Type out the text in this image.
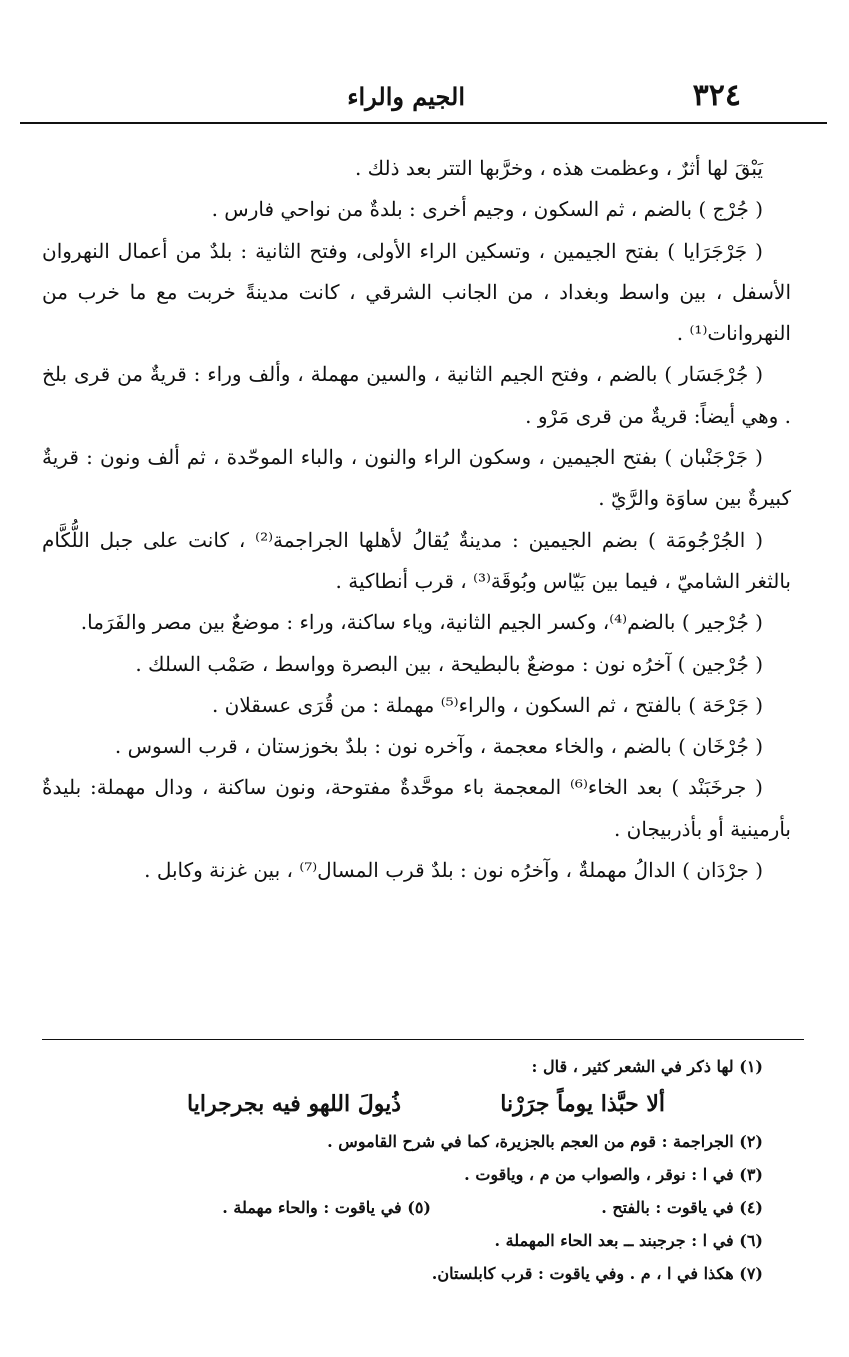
٣٢٤
الجيم والراء

يَبْقَ لها أثرٌ ، وعظمت هذه ، وخرَّبها التتر بعد ذلك .

( جُرْج ) بالضم ، ثم السكون ، وجيم أخرى : بلدةٌ من نواحي فارس .

( جَرْجَرَايا ) بفتح الجيمين ، وتسكين الراء الأولى، وفتح الثانية : بلدٌ من أعمال النهروان الأسفل ، بين واسط وبغداد ، من الجانب الشرقي ، كانت مدينةً خربت مع ما خرب من النهروانات⁽¹⁾ .

( جُرْجَسَار ) بالضم ، وفتح الجيم الثانية ، والسين مهملة ، وألف وراء : قريةٌ من قرى بلخ . وهي أيضاً: قريةٌ من قرى مَرْو .

( جَرْجَنْبان ) بفتح الجيمين ، وسكون الراء والنون ، والباء الموحّدة ، ثم ألف ونون : قريةٌ كبيرةٌ بين ساوَة والرَّيّ .

( الجُرْجُومَة ) بضم الجيمين : مدينةٌ يُقالُ لأهلها الجراجمة⁽²⁾ ، كانت على جبل اللُّكَّام بالثغر الشاميّ ، فيما بين بَيّاس وبُوقَة⁽³⁾ ، قرب أنطاكية .

( جُرْجير ) بالضم⁽⁴⁾، وكسر الجيم الثانية، وياء ساكنة، وراء : موضعٌ بين مصر والفَرَما.

( جُرْجين ) آخرُه نون : موضعٌ بالبطيحة ، بين البصرة وواسط ، صَمْب السلك .

( جَرْحَة ) بالفتح ، ثم السكون ، والراء⁽⁵⁾ مهملة : من قُرَى عسقلان .

( جُرْخَان ) بالضم ، والخاء معجمة ، وآخره نون : بلدٌ بخوزستان ، قرب السوس .

( جرخَبَنْد ) بعد الخاء⁽⁶⁾ المعجمة باء موحَّدةٌ مفتوحة، ونون ساكنة ، ودال مهملة: بليدةٌ بأرمينية أو بأذربيجان .

( جرْدَان ) الدالُ مهملةٌ ، وآخرُه نون : بلدٌ قرب المسال⁽⁷⁾ ، بين غزنة وكابل .

(١) لها ذكر في الشعر كثير ، قال :

ألا حبَّذا يوماً جرَرْنا
ذُيولَ اللهو فيه بجرجرايا
(٢) الجراجمة : قوم من العجم بالجزيرة، كما في شرح القاموس .
(٣) في ا : نوقر ، والصواب من م ، وياقوت .
(٤) في ياقوت : بالفتح .
(٥) في ياقوت : والحاء مهملة .
(٦) في ا : جرجبند ــ بعد الحاء المهملة .
(٧) هكذا في ا ، م . وفي ياقوت : قرب كابلستان.
